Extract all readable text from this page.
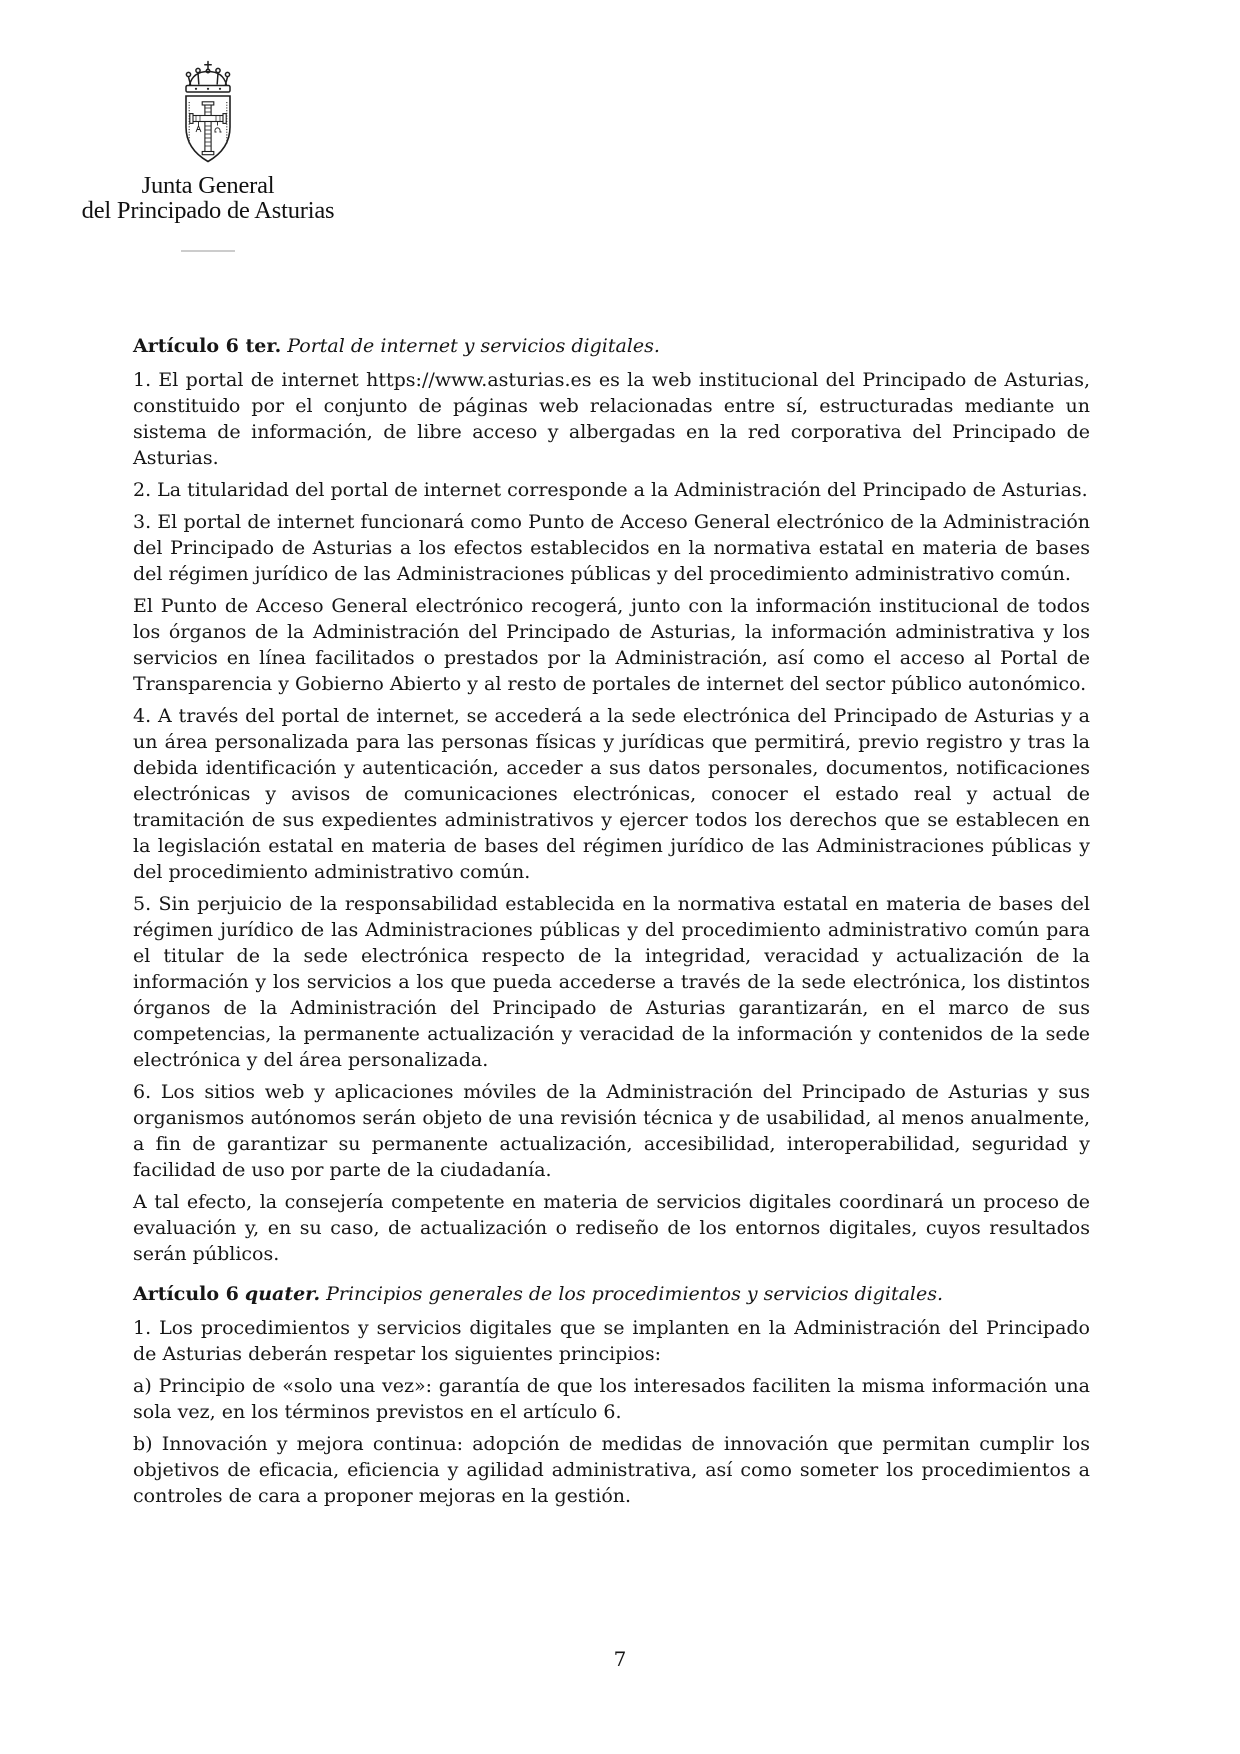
Junta General
del Principado de Asturias

Artículo 6 ter. Portal de internet y servicios digitales.

1. El portal de internet https://www.asturias.es es la web institucional del Principado de Asturias, constituido por el conjunto de páginas web relacionadas entre sí, estructuradas mediante un sistema de información, de libre acceso y albergadas en la red corporativa del Principado de Asturias.

2. La titularidad del portal de internet corresponde a la Administración del Principado de Asturias.

3. El portal de internet funcionará como Punto de Acceso General electrónico de la Administración del Principado de Asturias a los efectos establecidos en la normativa estatal en materia de bases del régimen jurídico de las Administraciones públicas y del procedimiento administrativo común.

El Punto de Acceso General electrónico recogerá, junto con la información institucional de todos los órganos de la Administración del Principado de Asturias, la información administrativa y los servicios en línea facilitados o prestados por la Administración, así como el acceso al Portal de Transparencia y Gobierno Abierto y al resto de portales de internet del sector público autonómico.

4. A través del portal de internet, se accederá a la sede electrónica del Principado de Asturias y a un área personalizada para las personas físicas y jurídicas que permitirá, previo registro y tras la debida identificación y autenticación, acceder a sus datos personales, documentos, notificaciones electrónicas y avisos de comunicaciones electrónicas, conocer el estado real y actual de tramitación de sus expedientes administrativos y ejercer todos los derechos que se establecen en la legislación estatal en materia de bases del régimen jurídico de las Administraciones públicas y del procedimiento administrativo común.

5. Sin perjuicio de la responsabilidad establecida en la normativa estatal en materia de bases del régimen jurídico de las Administraciones públicas y del procedimiento administrativo común para el titular de la sede electrónica respecto de la integridad, veracidad y actualización de la información y los servicios a los que pueda accederse a través de la sede electrónica, los distintos órganos de la Administración del Principado de Asturias garantizarán, en el marco de sus competencias, la permanente actualización y veracidad de la información y contenidos de la sede electrónica y del área personalizada.

6. Los sitios web y aplicaciones móviles de la Administración del Principado de Asturias y sus organismos autónomos serán objeto de una revisión técnica y de usabilidad, al menos anualmente, a fin de garantizar su permanente actualización, accesibilidad, interoperabilidad, seguridad y facilidad de uso por parte de la ciudadanía.

A tal efecto, la consejería competente en materia de servicios digitales coordinará un proceso de evaluación y, en su caso, de actualización o rediseño de los entornos digitales, cuyos resultados serán públicos.

Artículo 6 quater. Principios generales de los procedimientos y servicios digitales.

1. Los procedimientos y servicios digitales que se implanten en la Administración del Principado de Asturias deberán respetar los siguientes principios:

a) Principio de «solo una vez»: garantía de que los interesados faciliten la misma información una sola vez, en los términos previstos en el artículo 6.

b) Innovación y mejora continua: adopción de medidas de innovación que permitan cumplir los objetivos de eficacia, eficiencia y agilidad administrativa, así como someter los procedimientos a controles de cara a proponer mejoras en la gestión.

7
